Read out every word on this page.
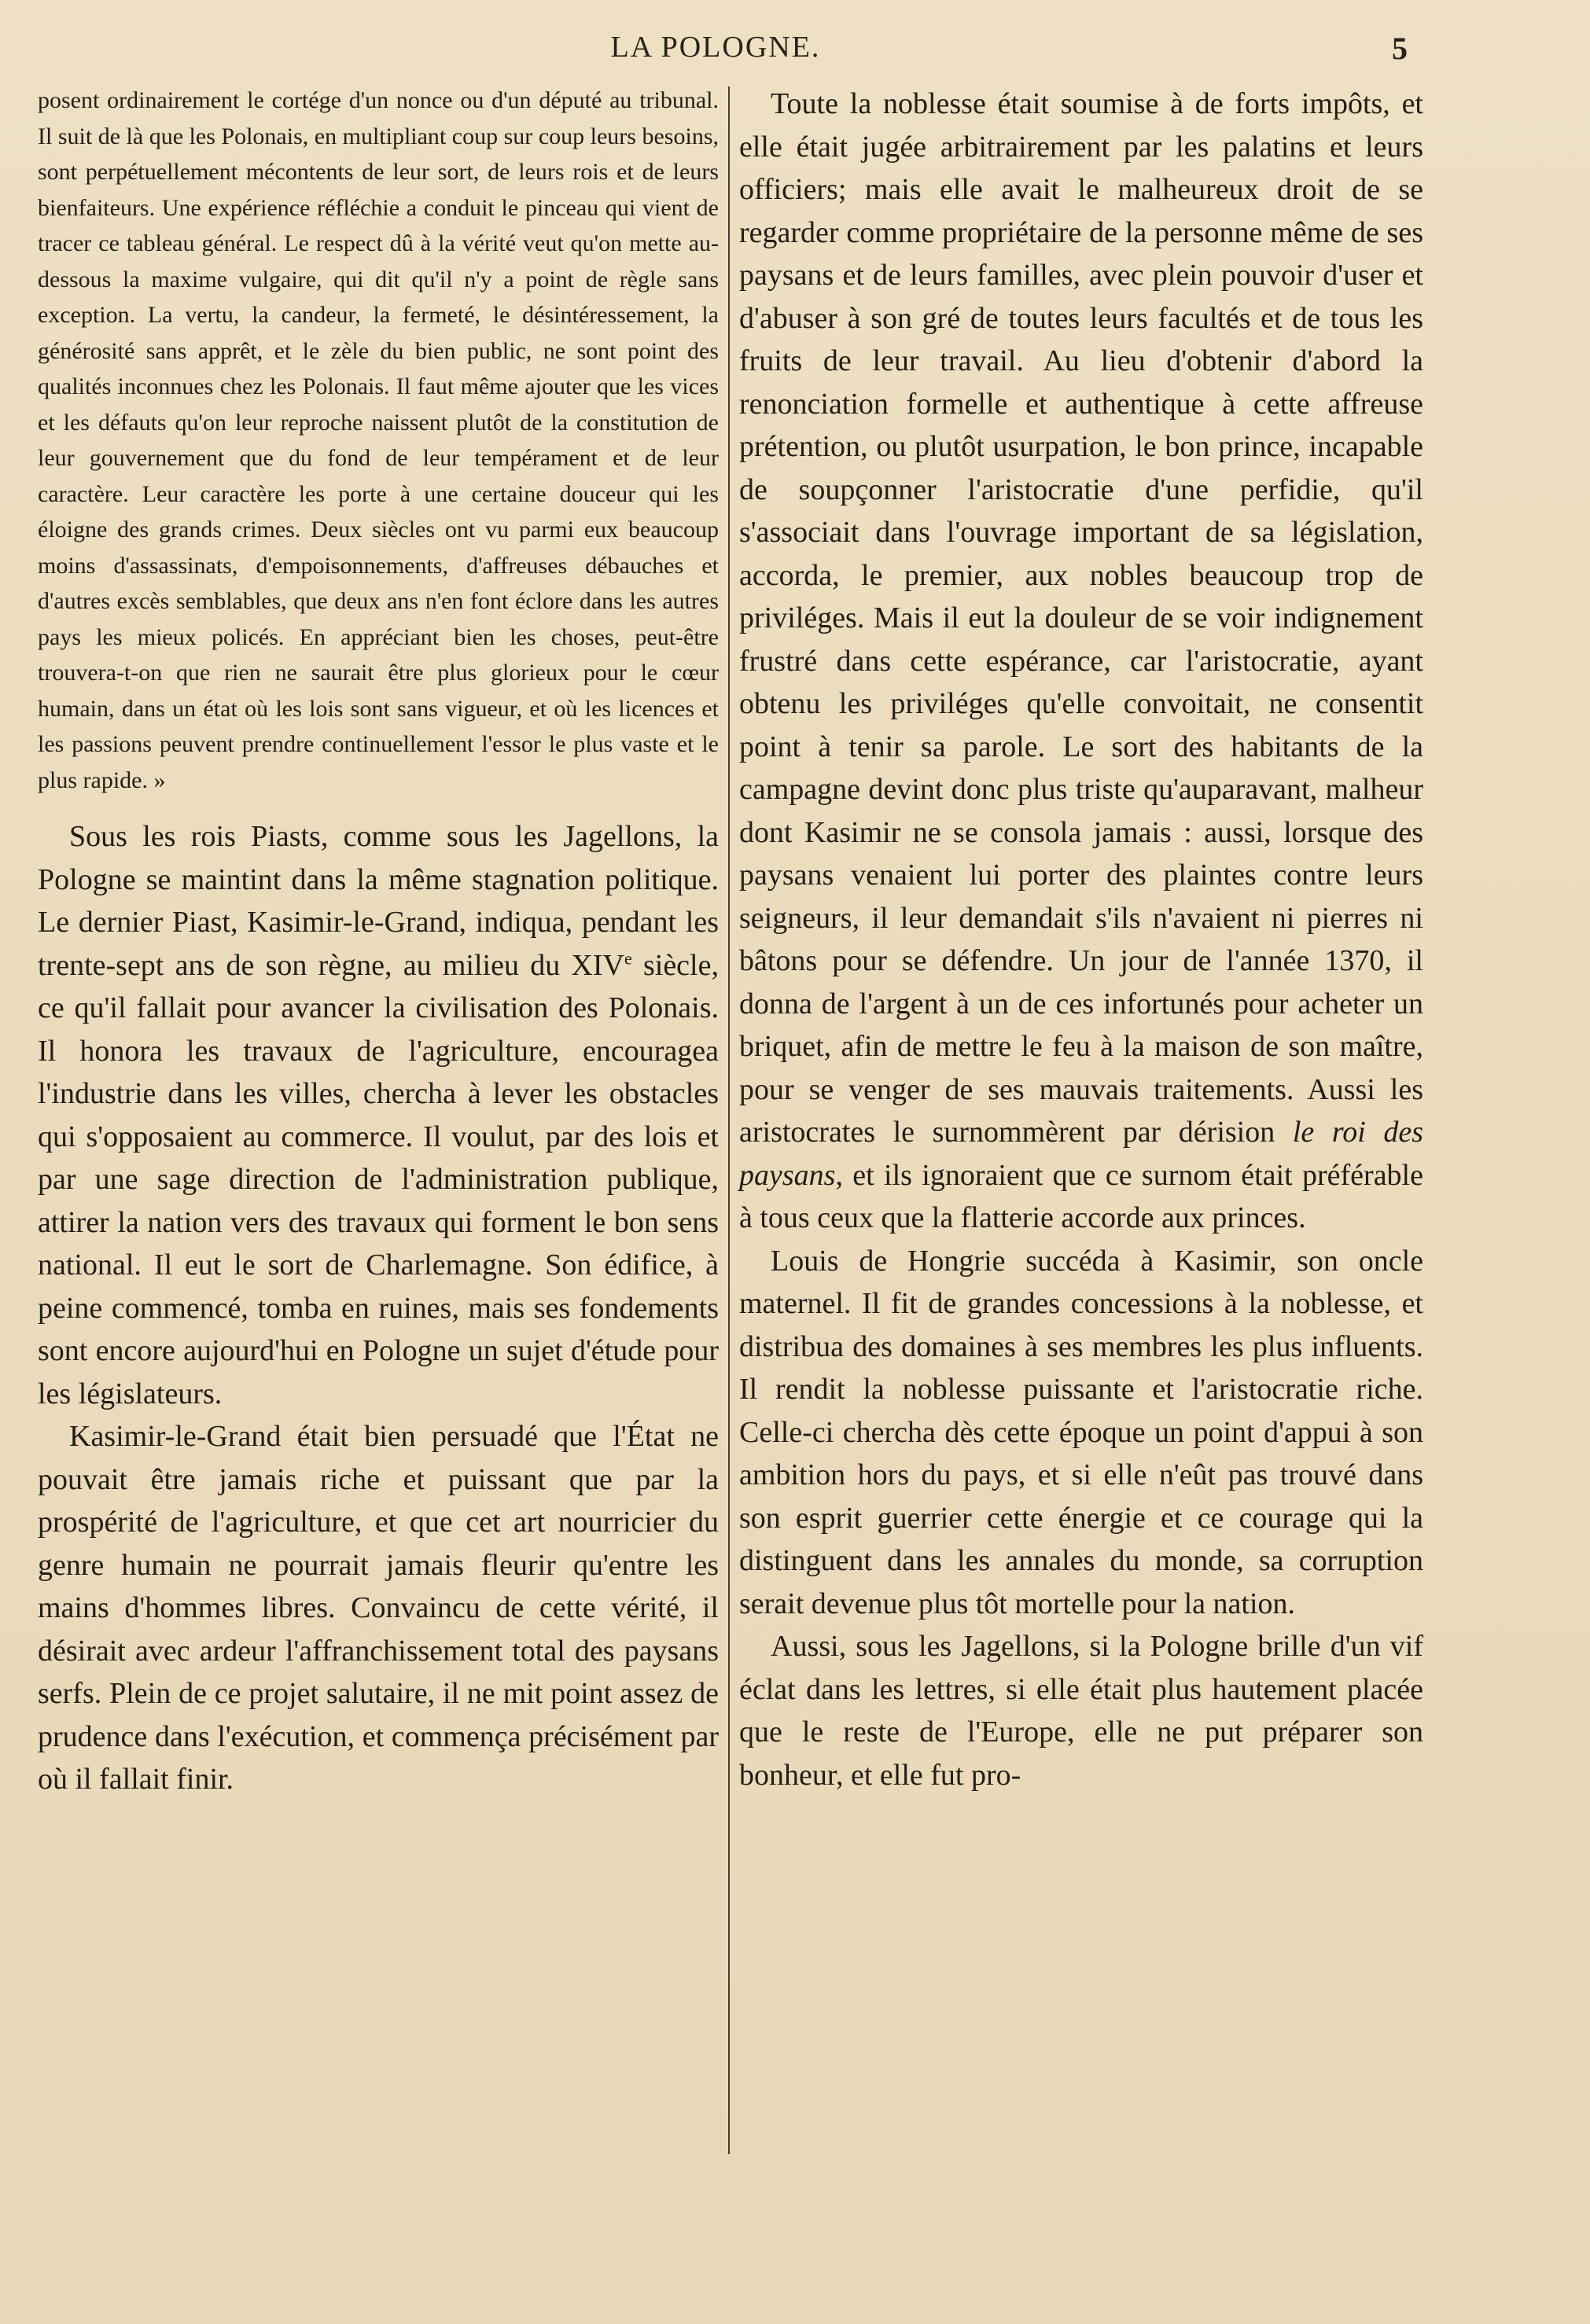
LA POLOGNE.	5

posent ordinairement le cortége d'un nonce ou d'un député au tribunal. Il suit de là que les Polonais, en multipliant coup sur coup leurs besoins, sont perpétuellement mécontents de leur sort, de leurs rois et de leurs bienfaiteurs. Une expérience réfléchie a conduit le pinceau qui vient de tracer ce tableau général. Le respect dû à la vérité veut qu'on mette au-dessous la maxime vulgaire, qui dit qu'il n'y a point de règle sans exception. La vertu, la candeur, la fermeté, le désintéressement, la générosité sans apprêt, et le zèle du bien public, ne sont point des qualités inconnues chez les Polonais. Il faut même ajouter que les vices et les défauts qu'on leur reproche naissent plutôt de la constitution de leur gouvernement que du fond de leur tempérament et de leur caractère. Leur caractère les porte à une certaine douceur qui les éloigne des grands crimes. Deux siècles ont vu parmi eux beaucoup moins d'assassinats, d'empoisonnements, d'affreuses débauches et d'autres excès semblables, que deux ans n'en font éclore dans les autres pays les mieux policés. En appréciant bien les choses, peut-être trouvera-t-on que rien ne saurait être plus glorieux pour le cœur humain, dans un état où les lois sont sans vigueur, et où les licences et les passions peuvent prendre continuellement l'essor le plus vaste et le plus rapide. »

Sous les rois Piasts, comme sous les Jagellons, la Pologne se maintint dans la même stagnation politique. Le dernier Piast, Kasimir-le-Grand, indiqua, pendant les trente-sept ans de son règne, au milieu du XIVe siècle, ce qu'il fallait pour avancer la civilisation des Polonais. Il honora les travaux de l'agriculture, encouragea l'industrie dans les villes, chercha à lever les obstacles qui s'opposaient au commerce. Il voulut, par des lois et par une sage direction de l'administration publique, attirer la nation vers des travaux qui forment le bon sens national. Il eut le sort de Charlemagne. Son édifice, à peine commencé, tomba en ruines, mais ses fondements sont encore aujourd'hui en Pologne un sujet d'étude pour les législateurs.

Kasimir-le-Grand était bien persuadé que l'État ne pouvait être jamais riche et puissant que par la prospérité de l'agriculture, et que cet art nourricier du genre humain ne pourrait jamais fleurir qu'entre les mains d'hommes libres. Convaincu de cette vérité, il désirait avec ardeur l'affranchissement total des paysans serfs. Plein de ce projet salutaire, il ne mit point assez de prudence dans l'exécution, et commença précisément par où il fallait finir.

Toute la noblesse était soumise à de forts impôts, et elle était jugée arbitrairement par les palatins et leurs officiers; mais elle avait le malheureux droit de se regarder comme propriétaire de la personne même de ses paysans et de leurs familles, avec plein pouvoir d'user et d'abuser à son gré de toutes leurs facultés et de tous les fruits de leur travail. Au lieu d'obtenir d'abord la renonciation formelle et authentique à cette affreuse prétention, ou plutôt usurpation, le bon prince, incapable de soupçonner l'aristocratie d'une perfidie, qu'il s'associait dans l'ouvrage important de sa législation, accorda, le premier, aux nobles beaucoup trop de priviléges. Mais il eut la douleur de se voir indignement frustré dans cette espérance, car l'aristocratie, ayant obtenu les priviléges qu'elle convoitait, ne consentit point à tenir sa parole. Le sort des habitants de la campagne devint donc plus triste qu'auparavant, malheur dont Kasimir ne se consola jamais : aussi, lorsque des paysans venaient lui porter des plaintes contre leurs seigneurs, il leur demandait s'ils n'avaient ni pierres ni bâtons pour se défendre. Un jour de l'année 1370, il donna de l'argent à un de ces infortunés pour acheter un briquet, afin de mettre le feu à la maison de son maître, pour se venger de ses mauvais traitements. Aussi les aristocrates le surnommèrent par dérision le roi des paysans, et ils ignoraient que ce surnom était préférable à tous ceux que la flatterie accorde aux princes.

Louis de Hongrie succéda à Kasimir, son oncle maternel. Il fit de grandes concessions à la noblesse, et distribua des domaines à ses membres les plus influents. Il rendit la noblesse puissante et l'aristocratie riche. Celle-ci chercha dès cette époque un point d'appui à son ambition hors du pays, et si elle n'eût pas trouvé dans son esprit guerrier cette énergie et ce courage qui la distinguent dans les annales du monde, sa corruption serait devenue plus tôt mortelle pour la nation.

Aussi, sous les Jagellons, si la Pologne brille d'un vif éclat dans les lettres, si elle était plus hautement placée que le reste de l'Europe, elle ne put préparer son bonheur, et elle fut pro-
